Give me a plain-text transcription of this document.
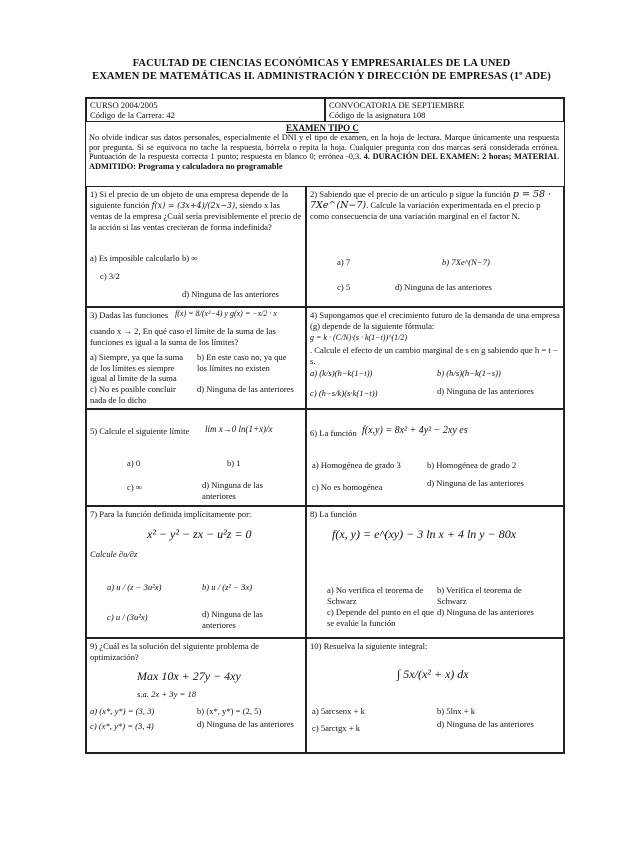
FACULTAD DE CIENCIAS ECONÓMICAS Y EMPRESARIALES DE LA UNED
EXAMEN DE MATEMÁTICAS II. ADMINISTRACIÓN Y DIRECCIÓN DE EMPRESAS (1º ADE)
CURSO 2004/2005
Código de la Carrera: 42
CONVOCATORIA DE SEPTIEMBRE
Código de la asignatura 108
EXAMEN TIPO C
No olvide indicar sus datos personales, especialmente el DNI y el tipo de examen, en la hoja de lectura. Marque únicamente una respuesta por pregunta. Si se equivoca no tache la respuesta, bórrela o repita la hoja. Cualquier pregunta con dos marcas será considerada errónea. Puntuación de la respuesta correcta 1 punto; respuesta en blanco 0; errónea -0,3. 4. DURACIÓN DEL EXAMEN: 2 horas; MATERIAL ADMITIDO: Programa y calculadora no programable
1) Si el precio de un objeto de una empresa depende de la siguiente función f(x) = (3x+4)/(2x−3), siendo x las ventas de la empresa ¿Cuál sería previsiblemente el precio de la acción si las ventas crecieran de forma indefinida?
a) Es imposible calcularlo b) ∞
c) 3/2
d) Ninguna de las anteriores
2) Sabiendo que el precio de un artículo p sigue la función p = 58 · 7Xe^(N−7). Calcule la variación experimentada en el precio p como consecuencia de una variación marginal en el factor N.
a) 7	b) 7Xe^(N−7)
c) 5	d) Ninguna de las anteriores
3) Dadas las funciones f(x) = 8/(x²−4) y g(x) = −x/2 · x
cuando x → 2, En qué caso el límite de la suma de las funciones es igual a la suma de los límites?
a) Siempre, ya que la suma de los límites es siempre igual al límite de la suma
b) En este caso no, ya que los límites no existen
c) No es posible concluir nada de lo dicho
d) Ninguna de las anteriores
4) Supongamos que el crecimiento futuro de la demanda de una empresa (g) depende de la siguiente fórmula:
g = k · (C/N)·(s · k(1−t))^(1/2)
. Calcule el efecto de un cambio marginal de s en g sabiendo que h = t − s.
a) (k/s)(h−k(1−t))	b) (h/s)(h−k(1−s))
c) (h−s/k)(s·k(1−t))	d) Ninguna de las anteriores
5) Calcule el siguiente límite lim x→0 ln(1+x)/x
a) 0	b) 1
c) ∞	d) Ninguna de las anteriores
6) La función f(x,y) = 8x² + 4y² − 2xy es
a) Homogénea de grado 3	b) Homogénea de grado 2
c) No es homogénea	d) Ninguna de las anteriores
7) Para la función definida implícitamente por:
x² − y² − zx − u²z = 0
Calcule ∂u/∂z
a) u / (z − 3u²x)	b) u / (z² − 3x)
c) u / (3u²x)	d) Ninguna de las anteriores
8) La función
f(x, y) = e^(xy) − 3 ln x + 4 ln y − 80x
a) No verifica el teorema de Schwarz
b) Verifica el teorema de Schwarz
c) Depende del punto en el que se evalúe la función
d) Ninguna de las anteriores
9) ¿Cuál es la solución del siguiente problema de optimización?
Max 10x + 27y − 4xy
s.a. 2x + 3y = 18
a) (x*, y*) = (3, 3)	b) (x*, y*) = (2, 5)
c) (x*, y*) = (3, 4)	d) Ninguna de las anteriores
10) Resuelva la siguiente integral:
∫ 5x/(x² + x) dx
a) 5arcsenx + k	b) 5lnx + k
c) 5arctgx + k	d) Ninguna de las anteriores
